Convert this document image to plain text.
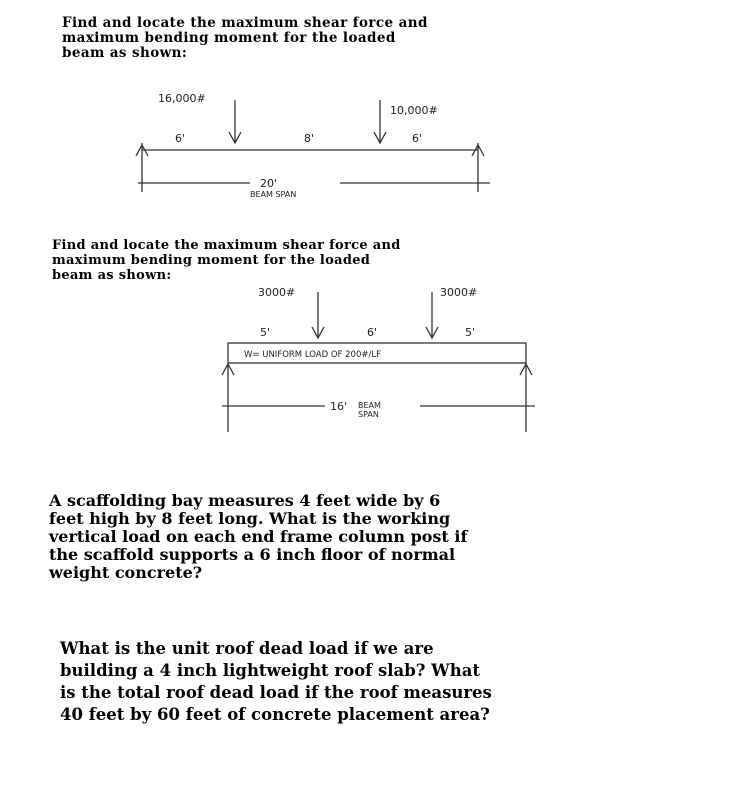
Find and locate the maximum shear force and
maximum bending moment for the loaded
beam as shown:
16,000#
10,000#
6'	8'	6'
20'
BEAM SPAN
Find and locate the maximum shear force and
maximum bending moment for the loaded
beam as shown:
3000#	3000#
5'	6'	5'
W= UNIFORM LOAD OF 200#/LF
16' BEAM
SPAN
A scaffolding bay measures 4 feet wide by 6
feet high by 8 feet long. What is the working
vertical load on each end frame column post if
the scaffold supports a 6 inch floor of normal
weight concrete?
What is the unit roof dead load if we are
building a 4 inch lightweight roof slab? What
is the total roof dead load if the roof measures
40 feet by 60 feet of concrete placement area?
